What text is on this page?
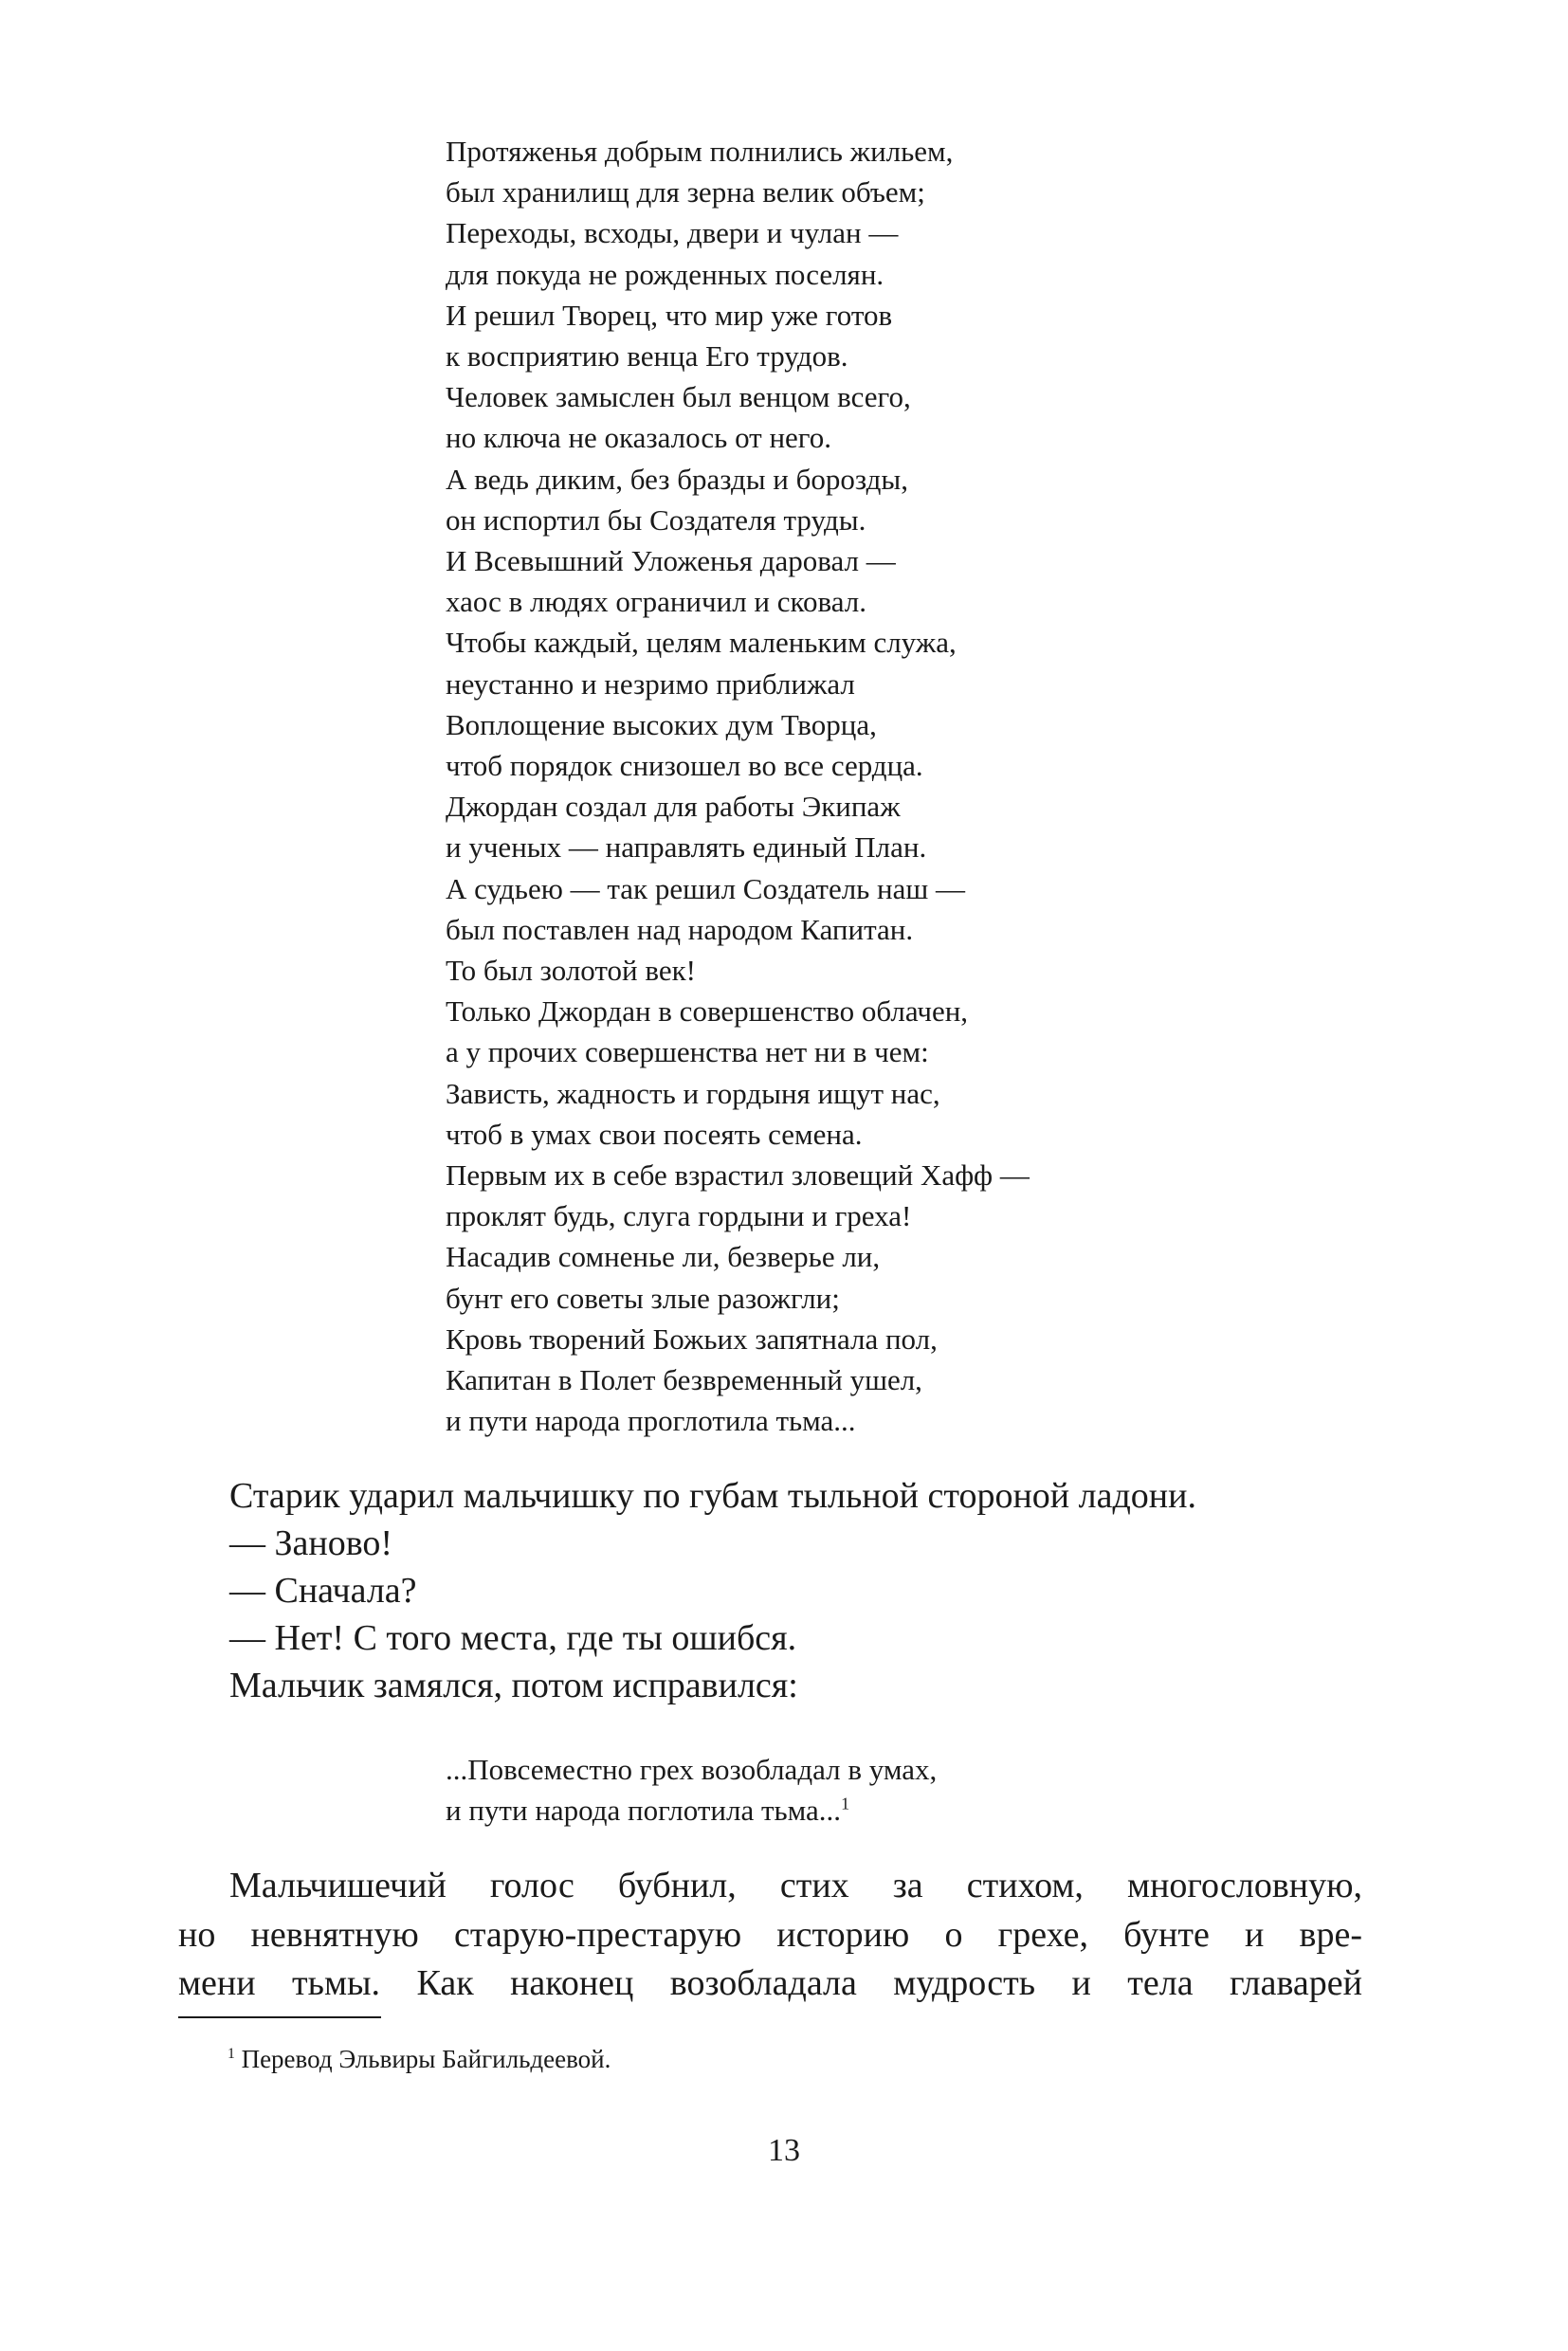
Протяженья добрым полнились жильем,
был хранилищ для зерна велик объем;
Переходы, всходы, двери и чулан —
для покуда не рожденных поселян.
И решил Творец, что мир уже готов
к восприятию венца Его трудов.
Человек замыслен был венцом всего,
но ключа не оказалось от него.
А ведь диким, без бразды и борозды,
он испортил бы Создателя труды.
И Всевышний Уложенья даровал —
хаос в людях ограничил и сковал.
Чтобы каждый, целям маленьким служа,
неустанно и незримо приближал
Воплощение высоких дум Творца,
чтоб порядок снизошел во все сердца.
Джордан создал для работы Экипаж
и ученых — направлять единый План.
А судьею — так решил Создатель наш —
был поставлен над народом Капитан.
То был золотой век!
Только Джордан в совершенство облачен,
а у прочих совершенства нет ни в чем:
Зависть, жадность и гордыня ищут нас,
чтоб в умах свои посеять семена.
Первым их в себе взрастил зловещий Хафф —
проклят будь, слуга гордыни и греха!
Насадив сомненье ли, безверье ли,
бунт его советы злые разожгли;
Кровь творений Божьих запятнала пол,
Капитан в Полет безвременный ушел,
и пути народа проглотила тьма...
Старик ударил мальчишку по губам тыльной стороной ладони.
— Заново!
— Сначала?
— Нет! С того места, где ты ошибся.
Мальчик замялся, потом исправился:
...Повсеместно грех возобладал в умах,
и пути народа поглотила тьма...$^1$
Мальчишечий голос бубнил, стих за стихом, многословную,
но невнятную старую-престарую историю о грехе, бунте и вре-
мени тьмы. Как наконец возобладала мудрость и тела главарей
$^1$ Перевод Эльвиры Байгильдеевой.
13
